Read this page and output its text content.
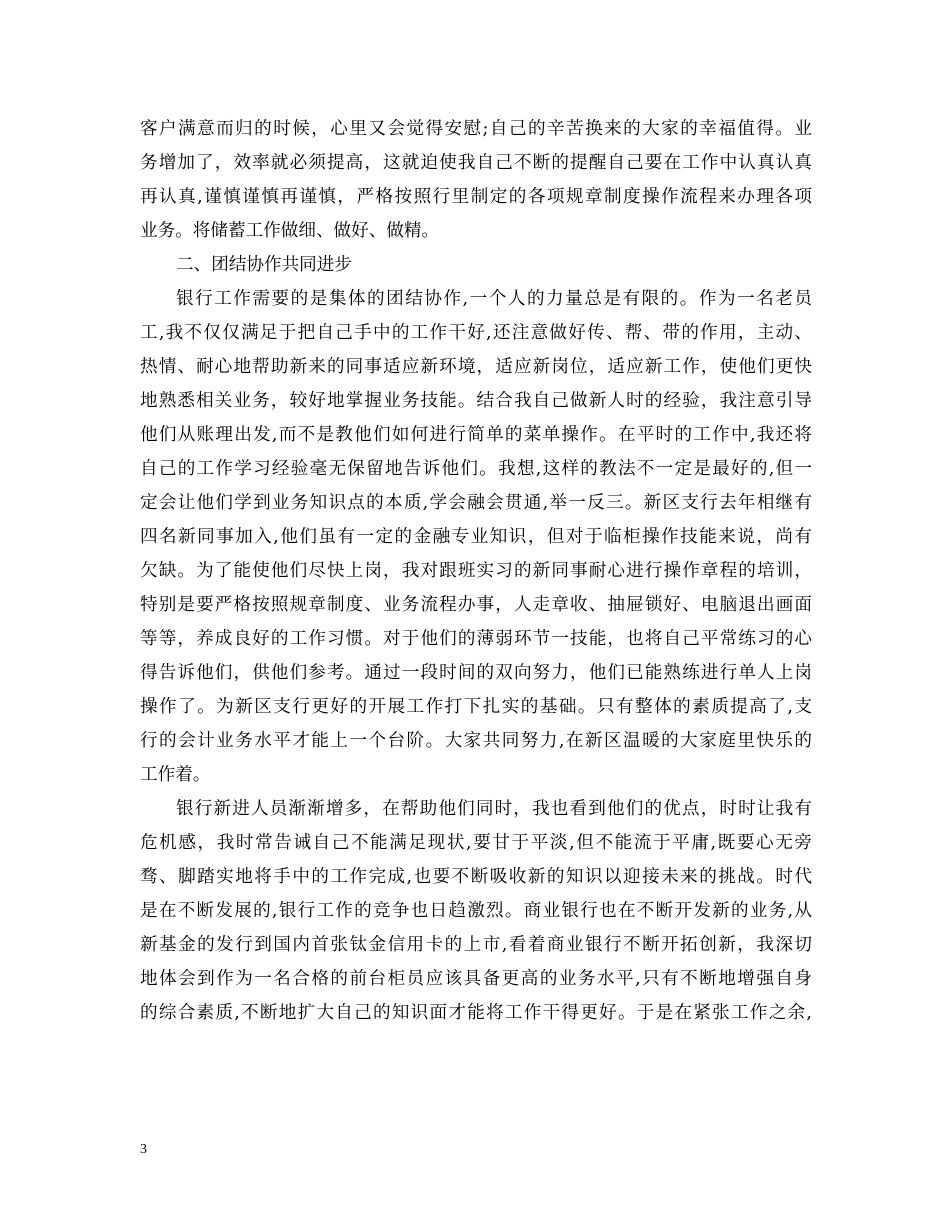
客户满意而归的时候，心里又会觉得安慰;自己的辛苦换来的大家的幸福值得。业
务增加了，效率就必须提高，这就迫使我自己不断的提醒自己要在工作中认真认真
再认真,谨慎谨慎再谨慎，严格按照行里制定的各项规章制度操作流程来办理各项
业务。将储蓄工作做细、做好、做精。
二、团结协作共同进步
银行工作需要的是集体的团结协作,一个人的力量总是有限的。作为一名老员
工,我不仅仅满足于把自己手中的工作干好,还注意做好传、帮、带的作用，主动、
热情、耐心地帮助新来的同事适应新环境，适应新岗位，适应新工作，使他们更快
地熟悉相关业务，较好地掌握业务技能。结合我自己做新人时的经验，我注意引导
他们从账理出发,而不是教他们如何进行简单的菜单操作。在平时的工作中,我还将
自己的工作学习经验毫无保留地告诉他们。我想,这样的教法不一定是最好的,但一
定会让他们学到业务知识点的本质,学会融会贯通,举一反三。新区支行去年相继有
四名新同事加入,他们虽有一定的金融专业知识，但对于临柜操作技能来说，尚有
欠缺。为了能使他们尽快上岗，我对跟班实习的新同事耐心进行操作章程的培训，
特别是要严格按照规章制度、业务流程办事，人走章收、抽屉锁好、电脑退出画面
等等，养成良好的工作习惯。对于他们的薄弱环节一技能，也将自己平常练习的心
得告诉他们，供他们参考。通过一段时间的双向努力，他们已能熟练进行单人上岗
操作了。为新区支行更好的开展工作打下扎实的基础。只有整体的素质提高了,支
行的会计业务水平才能上一个台阶。大家共同努力,在新区温暖的大家庭里快乐的
工作着。
银行新进人员渐渐增多，在帮助他们同时，我也看到他们的优点，时时让我有
危机感，我时常告诫自己不能满足现状,要甘于平淡,但不能流于平庸,既要心无旁
骛、脚踏实地将手中的工作完成,也要不断吸收新的知识以迎接未来的挑战。时代
是在不断发展的,银行工作的竞争也日趋激烈。商业银行也在不断开发新的业务,从
新基金的发行到国内首张钛金信用卡的上市,看着商业银行不断开拓创新，我深切
地体会到作为一名合格的前台柜员应该具备更高的业务水平,只有不断地增强自身
的综合素质,不断地扩大自己的知识面才能将工作干得更好。于是在紧张工作之余,
3
